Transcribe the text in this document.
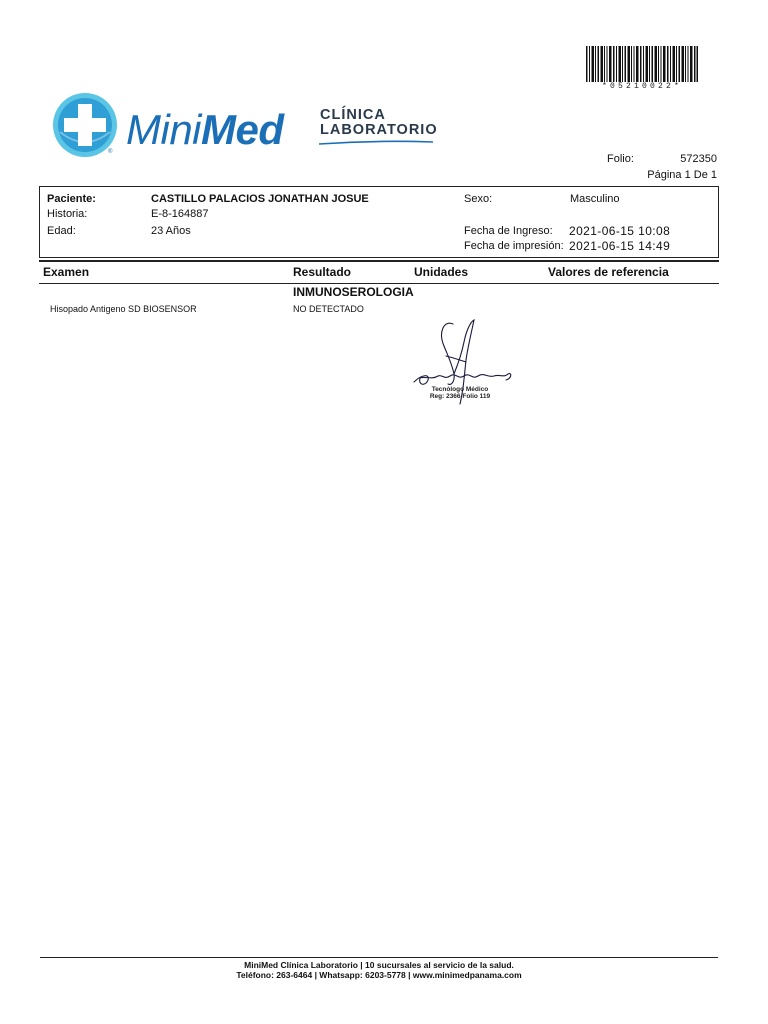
*05210022*
® MiniMed	CLÍNICA
LABORATORIO
Folio:	572350
Página 1 De 1
Paciente:	CASTILLO PALACIOS JONATHAN JOSUE
Historia:	E-8-164887
Edad:	23 Años
Sexo:	Masculino
Fecha de Ingreso: 2021-06-15 10:08
Fecha de impresión: 2021-06-15 14:49
Examen	Resultado	Unidades	Valores de referencia
INMUNOSEROLOGIA
Hisopado Antigeno SD BIOSENSOR	NO DETECTADO
Tecnólogo Médico
Reg: 2366 Folio 119
MiniMed Clínica Laboratorio | 10 sucursales al servicio de la salud.
Teléfono: 263-6464 | Whatsapp: 6203-5778 | www.minimedpanama.com
